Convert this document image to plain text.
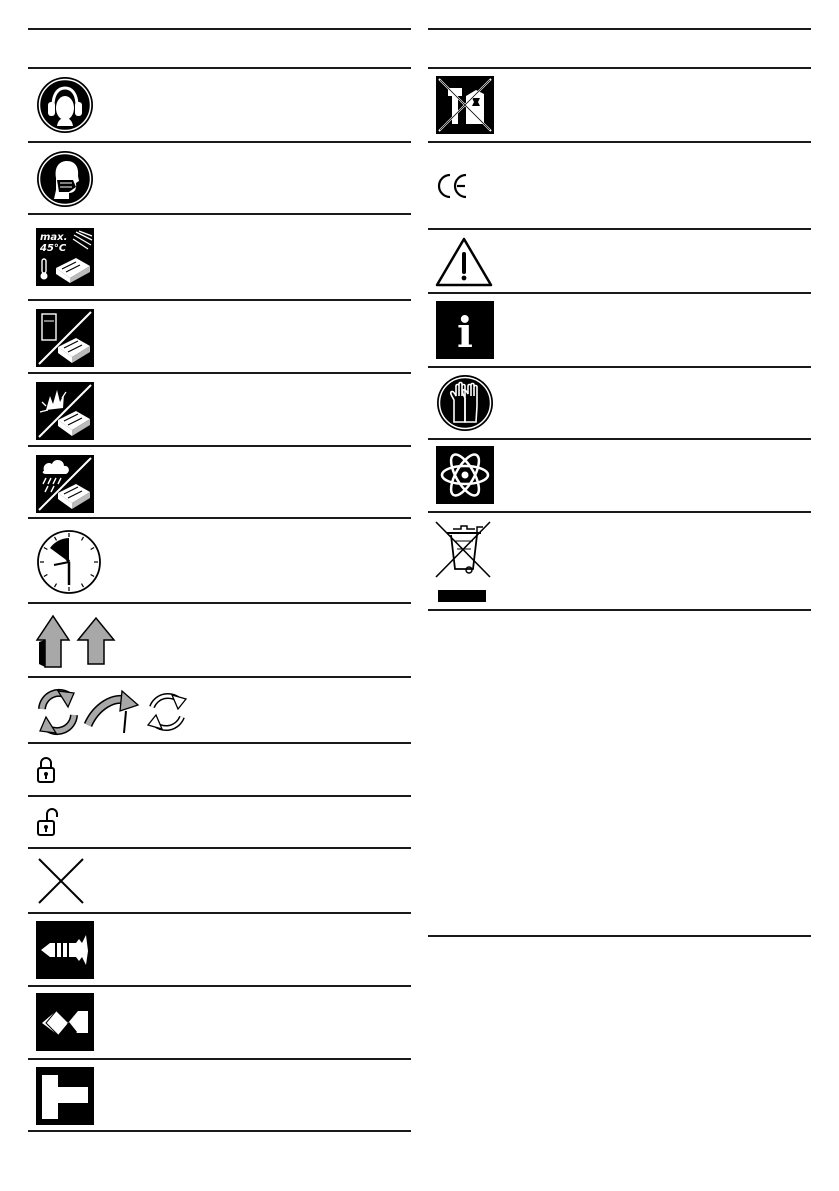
max.
45°C
i
